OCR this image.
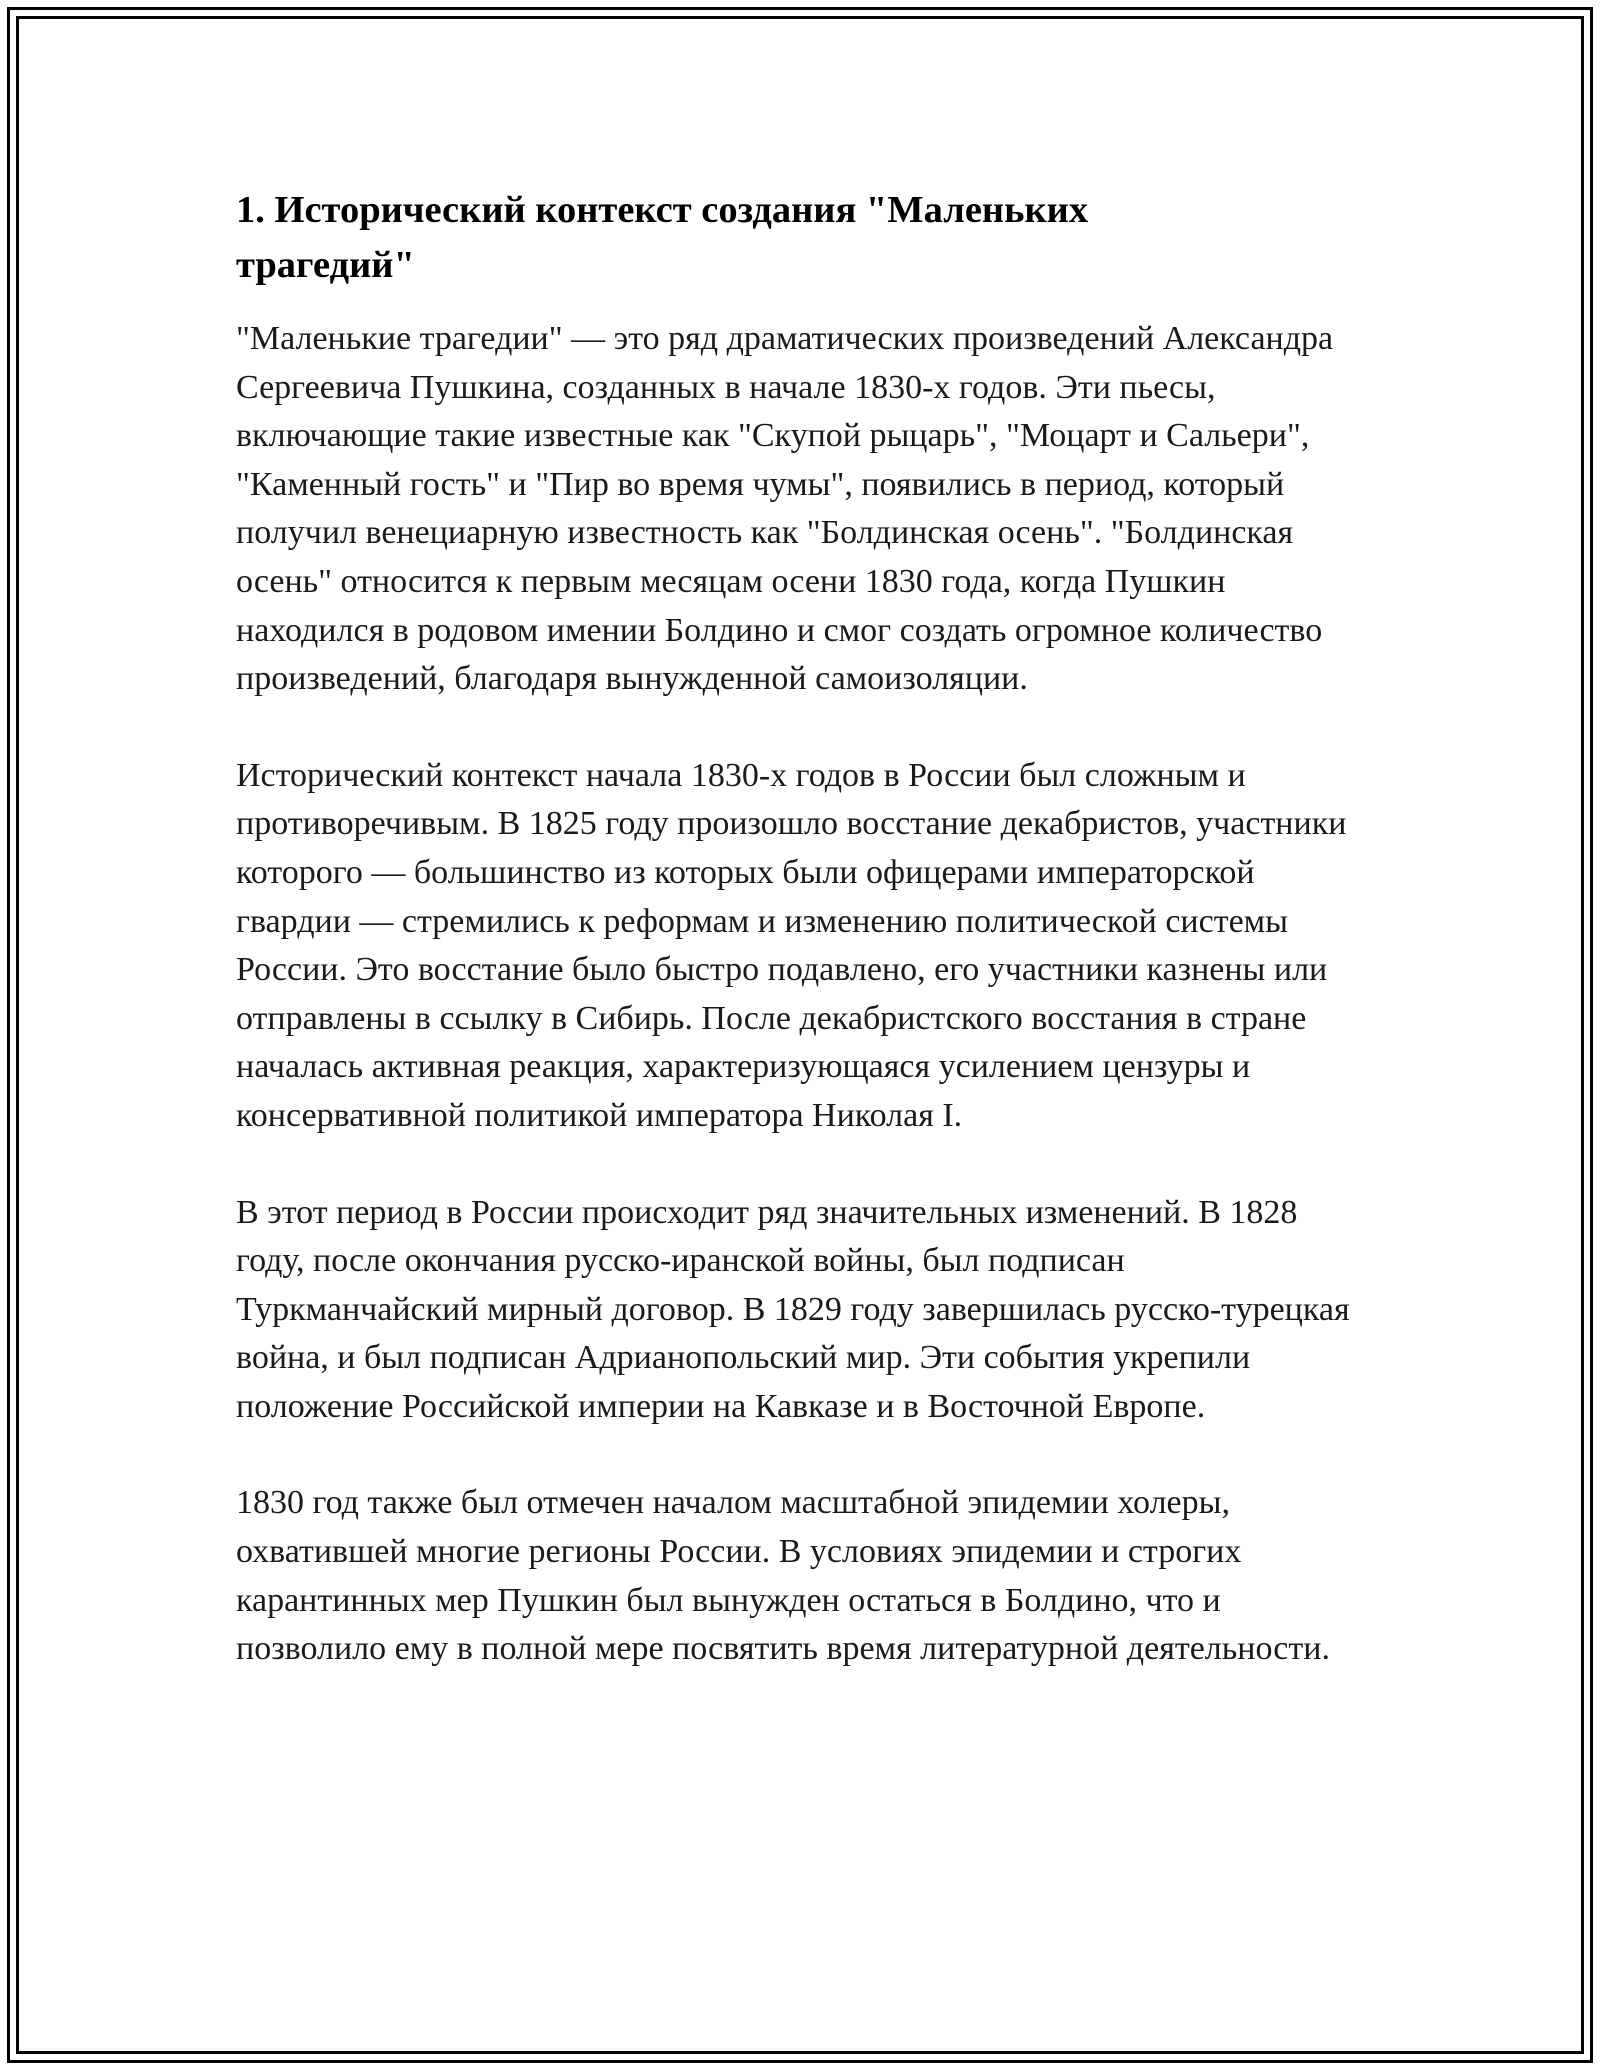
1. Исторический контекст создания "Маленьких трагедий"

"Маленькие трагедии" — это ряд драматических произведений Александра Сергеевича Пушкина, созданных в начале 1830-х годов. Эти пьесы, включающие такие известные как "Скупой рыцарь", "Моцарт и Сальери", "Каменный гость" и "Пир во время чумы", появились в период, который получил венециарную известность как "Болдинская осень". "Болдинская осень" относится к первым месяцам осени 1830 года, когда Пушкин находился в родовом имении Болдино и смог создать огромное количество произведений, благодаря вынужденной самоизоляции.

Исторический контекст начала 1830-х годов в России был сложным и противоречивым. В 1825 году произошло восстание декабристов, участники которого — большинство из которых были офицерами императорской гвардии — стремились к реформам и изменению политической системы России. Это восстание было быстро подавлено, его участники казнены или отправлены в ссылку в Сибирь. После декабристского восстания в стране началась активная реакция, характеризующаяся усилением цензуры и консервативной политикой императора Николая I.

В этот период в России происходит ряд значительных изменений. В 1828 году, после окончания русско-иранской войны, был подписан Туркманчайский мирный договор. В 1829 году завершилась русско-турецкая война, и был подписан Адрианопольский мир. Эти события укрепили положение Российской империи на Кавказе и в Восточной Европе.

1830 год также был отмечен началом масштабной эпидемии холеры, охватившей многие регионы России. В условиях эпидемии и строгих карантинных мер Пушкин был вынужден остаться в Болдино, что и позволило ему в полной мере посвятить время литературной деятельности.
